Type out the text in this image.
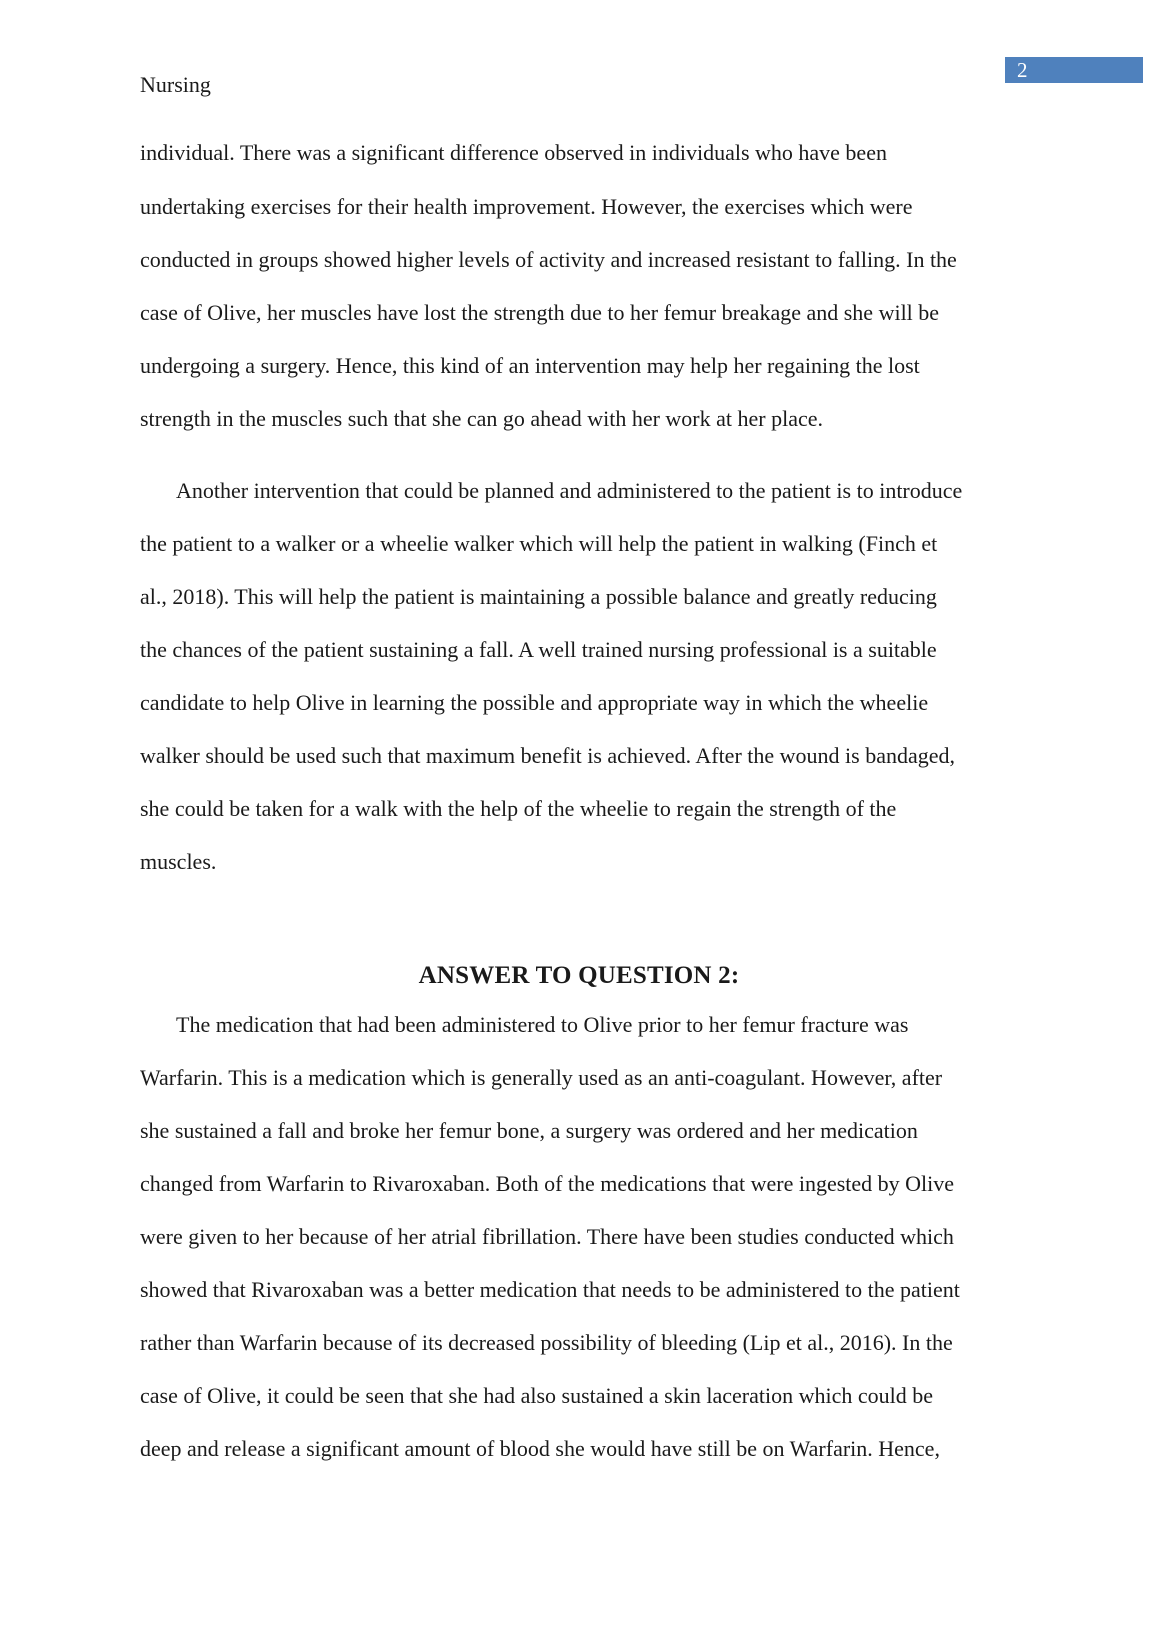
2
Nursing
individual. There was a significant difference observed in individuals who have been
undertaking exercises for their health improvement. However, the exercises which were
conducted in groups showed higher levels of activity and increased resistant to falling. In the
case of Olive, her muscles have lost the strength due to her femur breakage and she will be
undergoing a surgery. Hence, this kind of an intervention may help her regaining the lost
strength in the muscles such that she can go ahead with her work at her place.
Another intervention that could be planned and administered to the patient is to introduce
the patient to a walker or a wheelie walker which will help the patient in walking (Finch et
al., 2018). This will help the patient is maintaining a possible balance and greatly reducing
the chances of the patient sustaining a fall. A well trained nursing professional is a suitable
candidate to help Olive in learning the possible and appropriate way in which the wheelie
walker should be used such that maximum benefit is achieved. After the wound is bandaged,
she could be taken for a walk with the help of the wheelie to regain the strength of the
muscles.
ANSWER TO QUESTION 2:
The medication that had been administered to Olive prior to her femur fracture was
Warfarin. This is a medication which is generally used as an anti-coagulant. However, after
she sustained a fall and broke her femur bone, a surgery was ordered and her medication
changed from Warfarin to Rivaroxaban. Both of the medications that were ingested by Olive
were given to her because of her atrial fibrillation. There have been studies conducted which
showed that Rivaroxaban was a better medication that needs to be administered to the patient
rather than Warfarin because of its decreased possibility of bleeding (Lip et al., 2016). In the
case of Olive, it could be seen that she had also sustained a skin laceration which could be
deep and release a significant amount of blood she would have still be on Warfarin. Hence,
